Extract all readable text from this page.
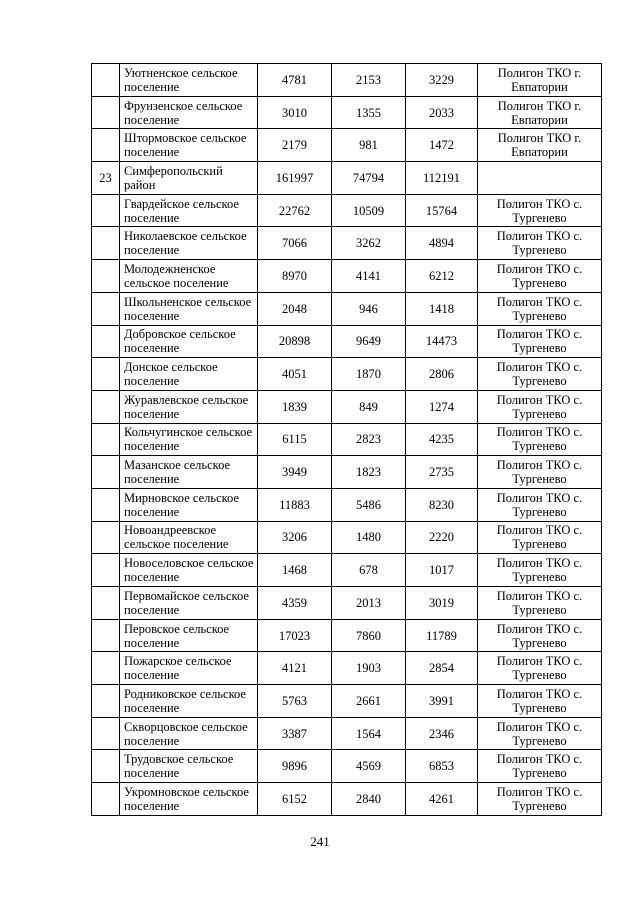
	Уютненское сельское поселение	4781	2153	3229	Полигон ТКО г. Евпатории
	Фрунзенское сельское поселение	3010	1355	2033	Полигон ТКО г. Евпатории
	Штормовское сельское поселение	2179	981	1472	Полигон ТКО г. Евпатории
23	Симферопольский район	161997	74794	112191	
	Гвардейское сельское поселение	22762	10509	15764	Полигон ТКО с. Тургенево
	Николаевское сельское поселение	7066	3262	4894	Полигон ТКО с. Тургенево
	Молодежненское сельское поселение	8970	4141	6212	Полигон ТКО с. Тургенево
	Школьненское сельское поселение	2048	946	1418	Полигон ТКО с. Тургенево
	Добровское сельское поселение	20898	9649	14473	Полигон ТКО с. Тургенево
	Донское сельское поселение	4051	1870	2806	Полигон ТКО с. Тургенево
	Журавлевское сельское поселение	1839	849	1274	Полигон ТКО с. Тургенево
	Кольчугинское сельское поселение	6115	2823	4235	Полигон ТКО с. Тургенево
	Мазанское сельское поселение	3949	1823	2735	Полигон ТКО с. Тургенево
	Мирновское сельское поселение	11883	5486	8230	Полигон ТКО с. Тургенево
	Новоандреевское сельское поселение	3206	1480	2220	Полигон ТКО с. Тургенево
	Новоселовское сельское поселение	1468	678	1017	Полигон ТКО с. Тургенево
	Первомайское сельское поселение	4359	2013	3019	Полигон ТКО с. Тургенево
	Перовское сельское поселение	17023	7860	11789	Полигон ТКО с. Тургенево
	Пожарское сельское поселение	4121	1903	2854	Полигон ТКО с. Тургенево
	Родниковское сельское поселение	5763	2661	3991	Полигон ТКО с. Тургенево
	Скворцовское сельское поселение	3387	1564	2346	Полигон ТКО с. Тургенево
	Трудовское сельское поселение	9896	4569	6853	Полигон ТКО с. Тургенево
	Укромновское сельское поселение	6152	2840	4261	Полигон ТКО с. Тургенево
241
